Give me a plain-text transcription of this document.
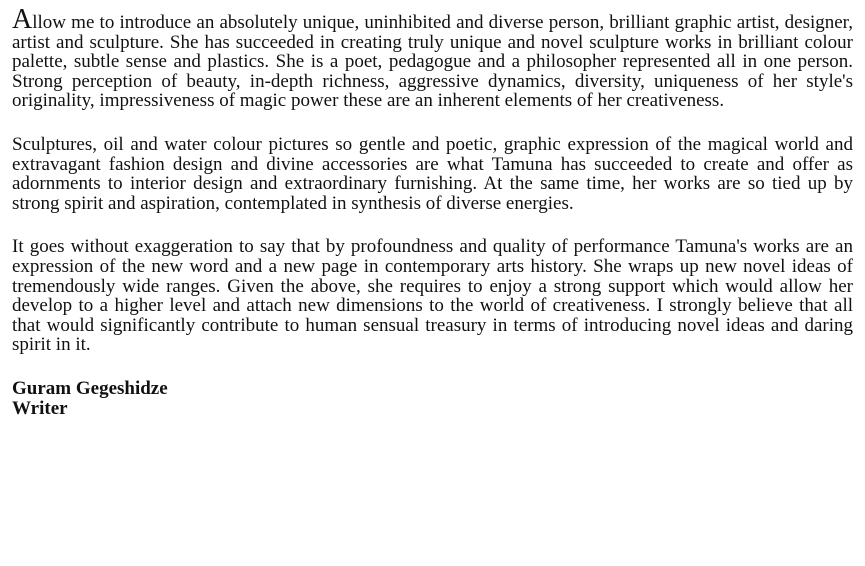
Allow me to introduce an absolutely unique, uninhibited and diverse person, brilliant graphic artist, designer, artist and sculpture. She has succeeded in creating truly unique and novel sculpture works in brilliant colour palette, subtle sense and plastics. She is a poet, pedagogue and a philosopher represented all in one person. Strong perception of beauty, in-depth richness, aggressive dynamics, diversity, uniqueness of her style's originality, impressiveness of magic power these are an inherent elements of her creativeness.

Sculptures, oil and water colour pictures so gentle and poetic, graphic expression of the magical world and extravagant fashion design and divine accessories are what Tamuna has succeeded to create and offer as adornments to interior design and extraordinary furnishing. At the same time, her works are so tied up by strong spirit and aspiration, contemplated in synthesis of diverse energies.

It goes without exaggeration to say that by profoundness and quality of performance Tamuna's works are an expression of the new word and a new page in contemporary arts history. She wraps up new novel ideas of tremendously wide ranges. Given the above, she requires to enjoy a strong support which would allow her develop to a higher level and attach new dimensions to the world of creativeness. I strongly believe that all that would significantly contribute to human sensual treasury in terms of introducing novel ideas and daring spirit in it.

Guram Gegeshidze
Writer
